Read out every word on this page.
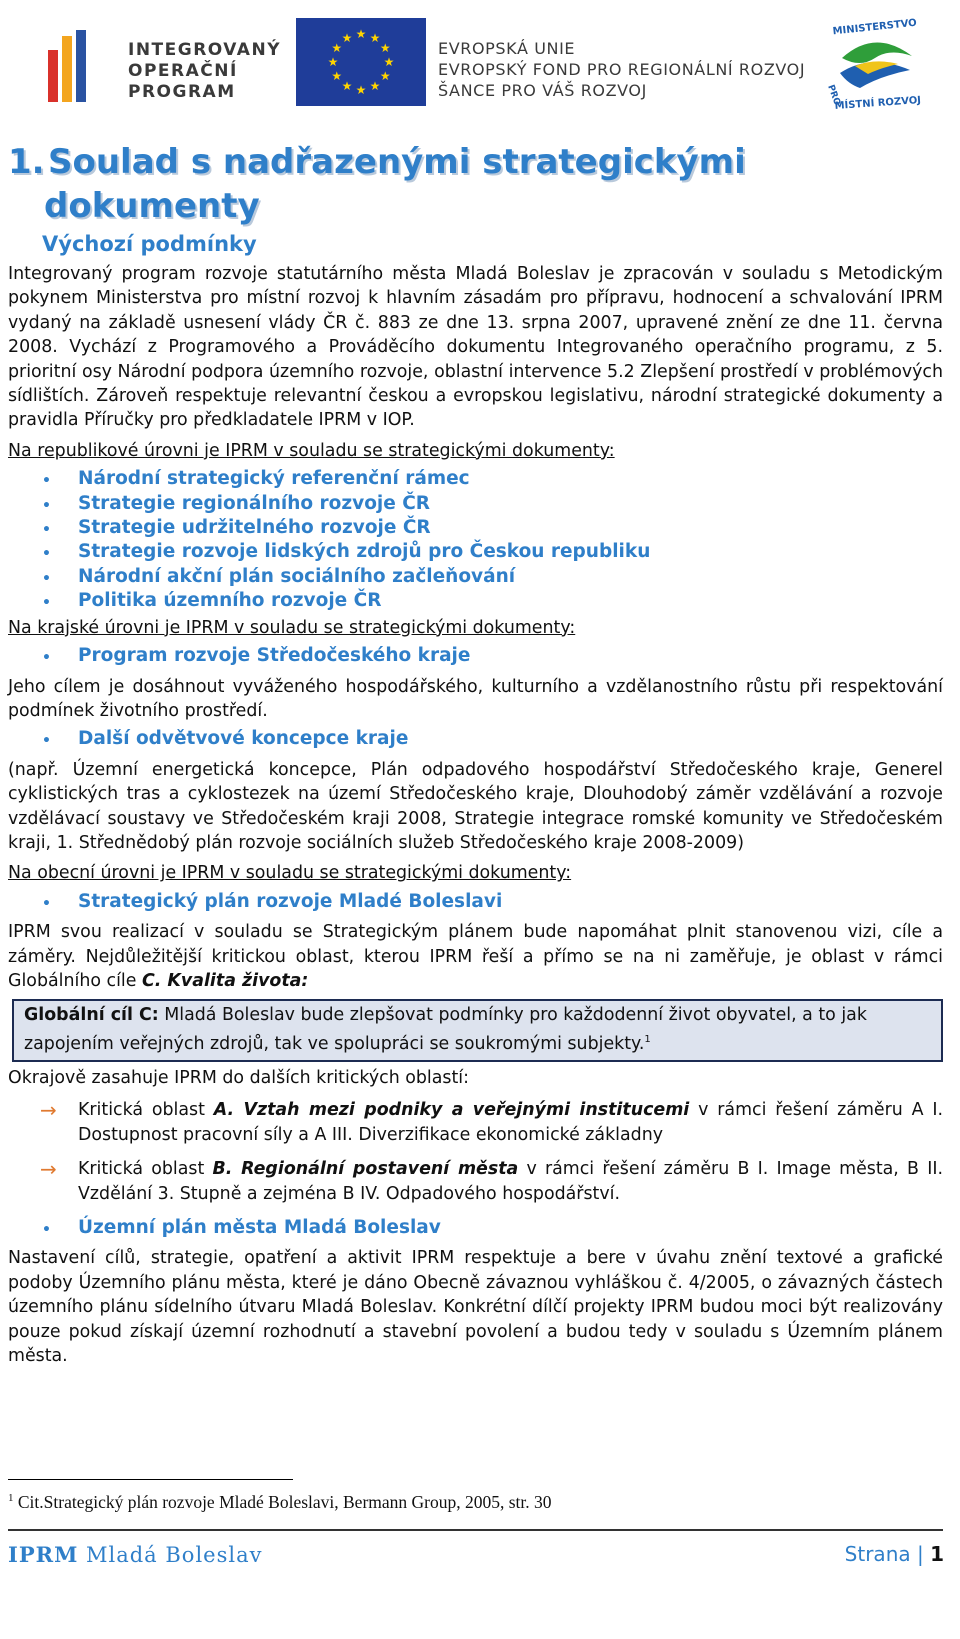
INTEGROVANÝ
OPERAČNÍ
PROGRAM
★ ★
★
★
★
★
★
★
★
★
★
★
EVROPSKÁ UNIE
EVROPSKÝ FOND PRO REGIONÁLNÍ ROZVOJ
ŠANCE PRO VÁŠ ROZVOJ
MINISTERSTVO
MÍSTNÍ ROZVOJ
PRO
1. Soulad s nadřazenými strategickými
dokumenty
Výchozí podmínky

Integrovaný program rozvoje statutárního města Mladá Boleslav je zpracován v souladu s Metodickým pokynem Ministerstva pro místní rozvoj k hlavním zásadám pro přípravu, hodnocení a schvalování IPRM vydaný na základě usnesení vlády ČR č. 883 ze dne 13. srpna 2007, upravené znění ze dne 11. června 2008. Vychází z Programového a Prováděcího dokumentu Integrovaného operačního programu, z 5. prioritní osy Národní podpora územního rozvoje, oblastní intervence 5.2 Zlepšení prostředí v problémových sídlištích. Zároveň respektuje relevantní českou a evropskou legislativu, národní strategické dokumenty a pravidla Příručky pro předkladatele IPRM v IOP.

Na republikové úrovni je IPRM v souladu se strategickými dokumenty:
• Národní strategický referenční rámec
• Strategie regionálního rozvoje ČR
• Strategie udržitelného rozvoje ČR
• Strategie rozvoje lidských zdrojů pro Českou republiku
• Národní akční plán sociálního začleňování
• Politika územního rozvoje ČR
Na krajské úrovni je IPRM v souladu se strategickými dokumenty:
• Program rozvoje Středočeského kraje

Jeho cílem je dosáhnout vyváženého hospodářského, kulturního a vzdělanostního růstu při respektování podmínek životního prostředí.

• Další odvětvové koncepce kraje

(např. Územní energetická koncepce, Plán odpadového hospodářství Středočeského kraje, Generel cyklistických tras a cyklostezek na území Středočeského kraje, Dlouhodobý záměr vzdělávání a rozvoje vzdělávací soustavy ve Středočeském kraji 2008, Strategie integrace romské komunity ve Středočeském kraji, 1. Střednědobý plán rozvoje sociálních služeb Středočeského kraje 2008-2009)

Na obecní úrovni je IPRM v souladu se strategickými dokumenty:
• Strategický plán rozvoje Mladé Boleslavi

IPRM svou realizací v souladu se Strategickým plánem bude napomáhat plnit stanovenou vizi, cíle a záměry. Nejdůležitější kritickou oblast, kterou IPRM řeší a přímo se na ni zaměřuje, je oblast v rámci Globálního cíle C. Kvalita života:

Globální cíl C: Mladá Boleslav bude zlepšovat podmínky pro každodenní život obyvatel, a to jak zapojením veřejných zdrojů, tak ve spolupráci se soukromými subjekty.$^1$

Okrajově zasahuje IPRM do dalších kritických oblastí:

→ Kritická oblast A. Vztah mezi podniky a veřejnými institucemi v rámci řešení záměru A I. Dostupnost pracovní síly a A III. Diverzifikace ekonomické základny
→ Kritická oblast B. Regionální postavení města v rámci řešení záměru B I. Image města, B II. Vzdělání 3. Stupně a zejména B IV. Odpadového hospodářství.
• Územní plán města Mladá Boleslav

Nastavení cílů, strategie, opatření a aktivit IPRM respektuje a bere v úvahu znění textové a grafické podoby Územního plánu města, které je dáno Obecně závaznou vyhláškou č. 4/2005, o závazných částech územního plánu sídelního útvaru Mladá Boleslav. Konkrétní dílčí projekty IPRM budou moci být realizovány pouze pokud získají územní rozhodnutí a stavební povolení a budou tedy v souladu s Územním plánem města.

$^1$ Cit.Strategický plán rozvoje Mladé Boleslavi, Bermann Group, 2005, str. 30
IPRM Mladá Boleslav	Strana | 1
